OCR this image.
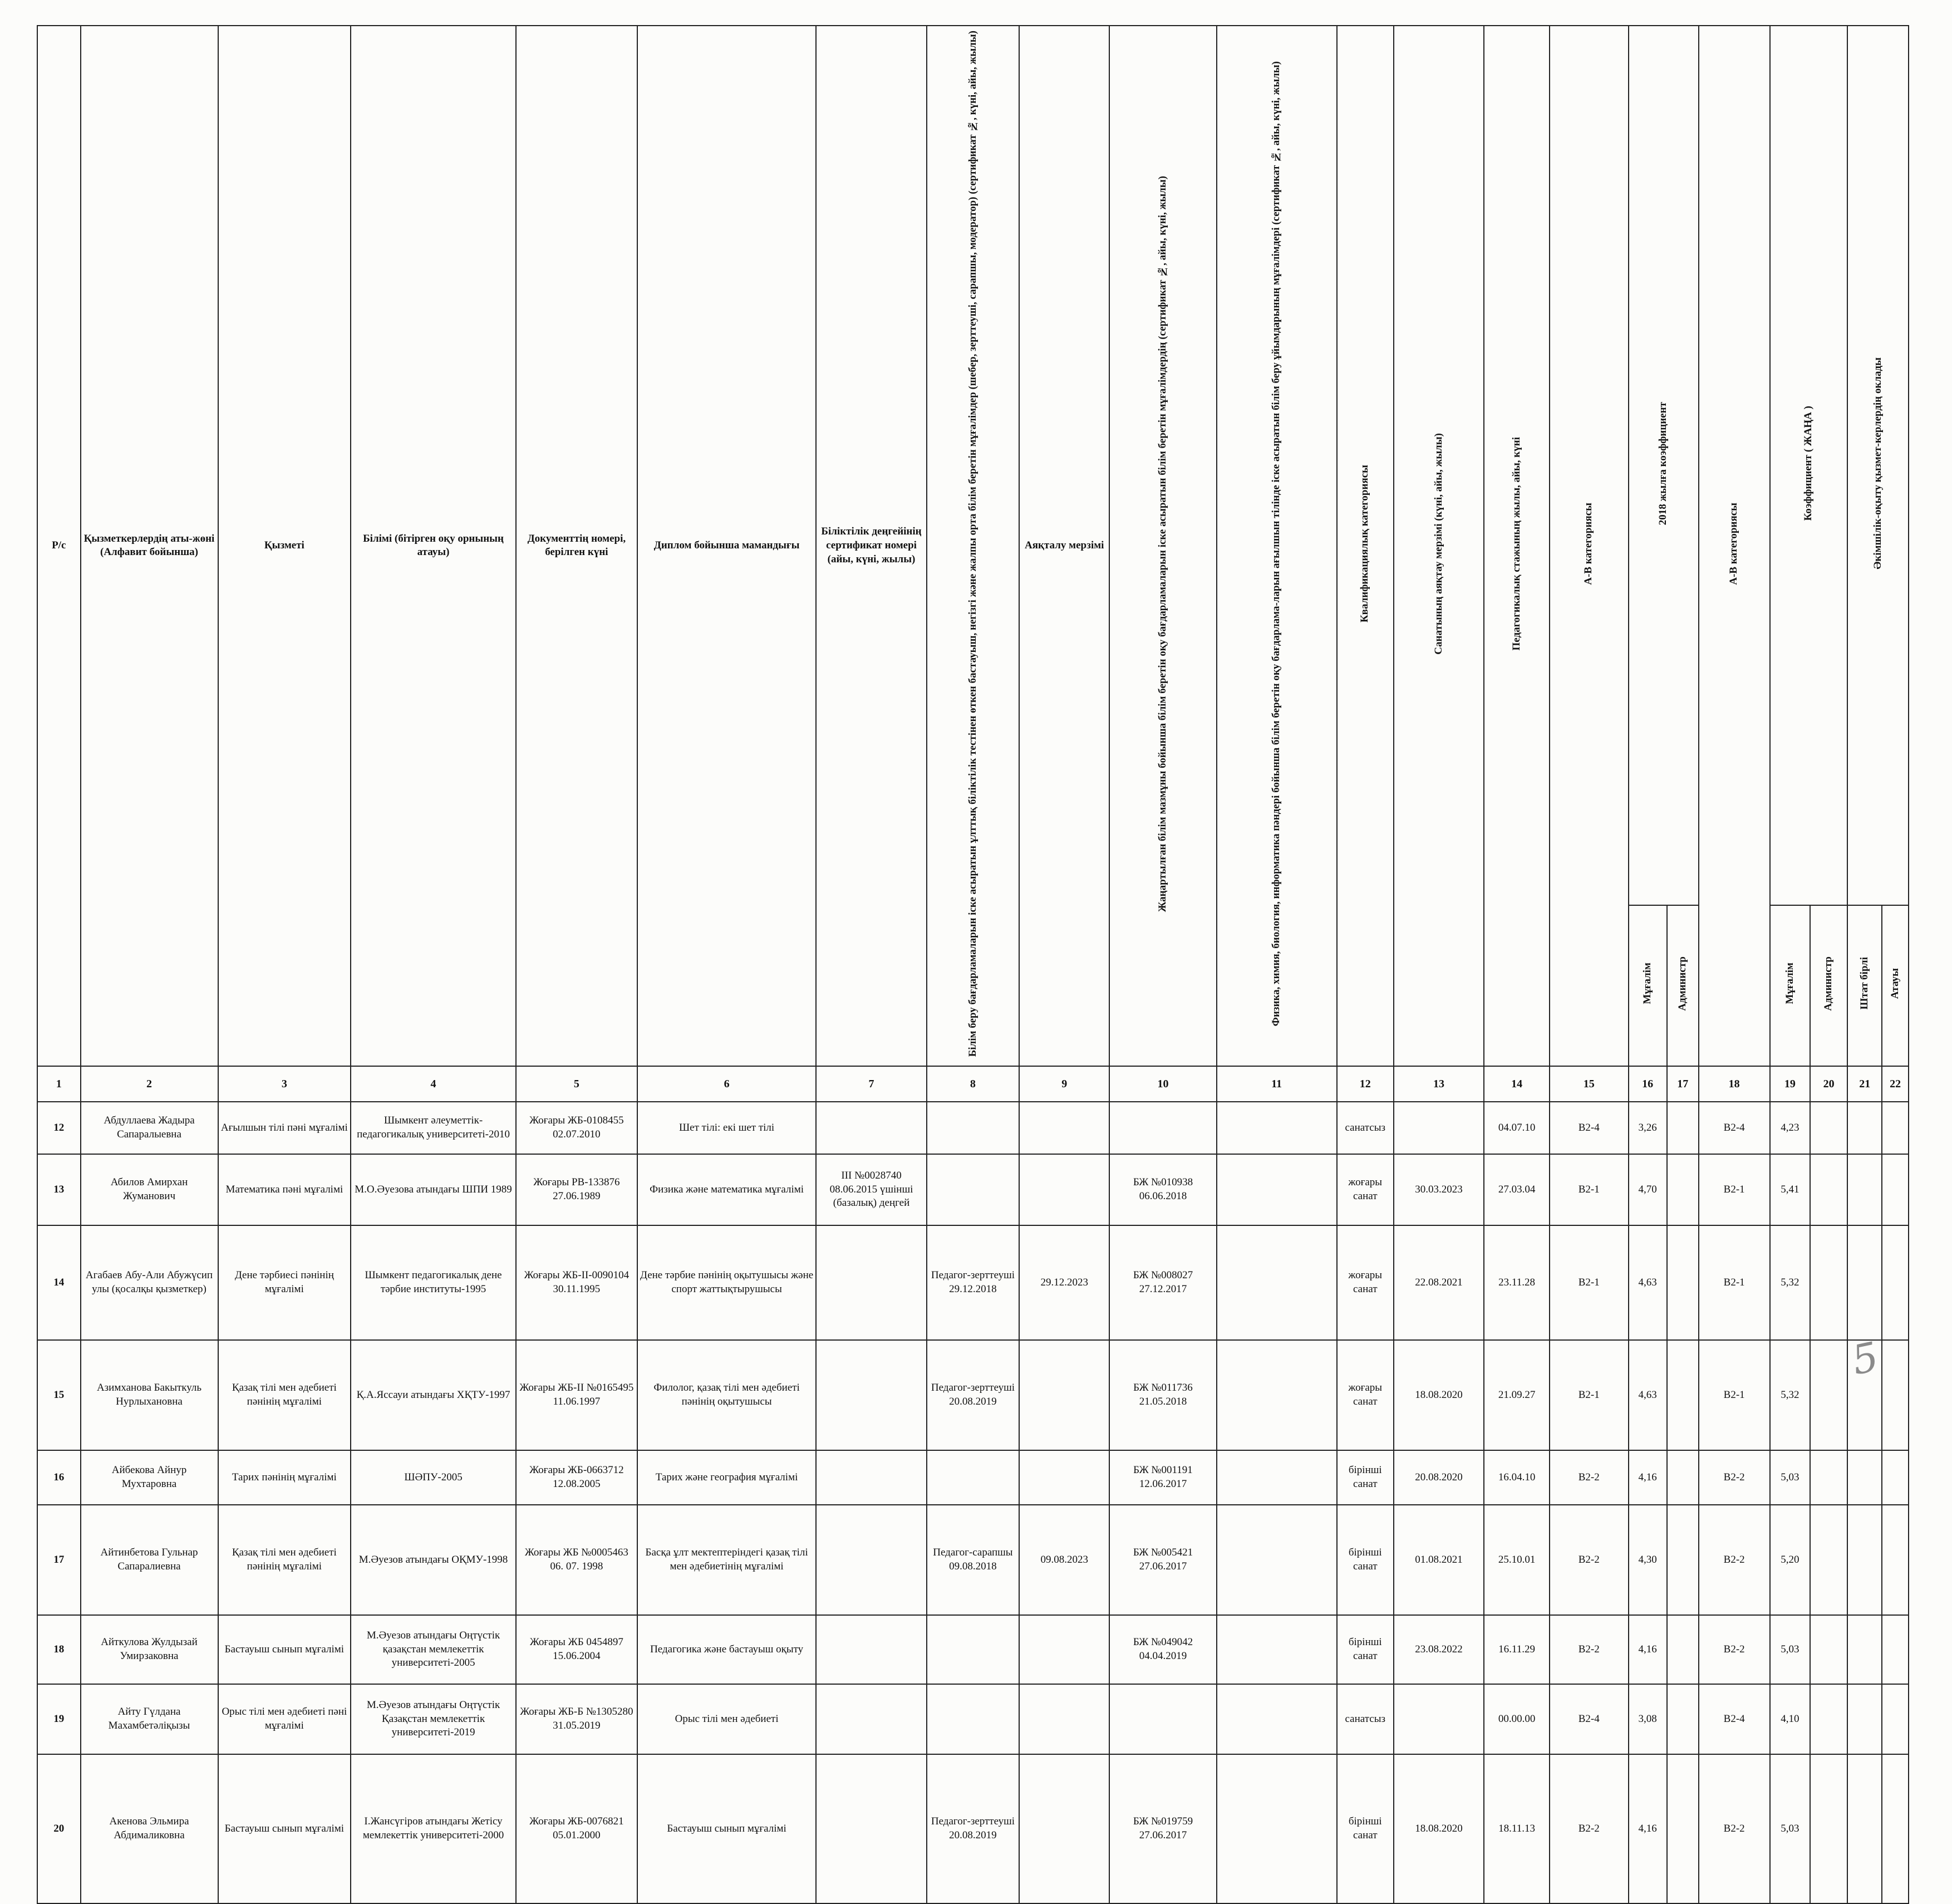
Р/с	Қызметкерлердің аты-жөні (Алфавит бойынша)	Қызметі	Білімі (бітірген оқу орнының атауы)	Документтің номері, берілген күні	Диплом бойынша мамандығы	Біліктілік деңгейінің сертификат номері (айы, күні, жылы)	Білім беру бағдарламаларын іске асыратын ұлттық біліктілік тестінен өткен бастауыш, негізгі және жалпы орта білім беретін мұғалімдер (шебер, зерттеуші, сарапшы, модератор) (сертификат №, күні, айы, жылы)	Аяқталу мерзімі	Жаңартылған білім мазмұны бойынша білім беретін оқу бағдарламаларын іске асыратын білім беретін мұғалімдердің (сертификат №, айы, күні, жылы)	Физика, химия, биология, информатика пәндері бойынша білім беретін оқу бағдарлама-ларын ағылшын тілінде іске асыратын білім беру ұйымдарының мұғалімдері (сертификат №, айы, күні, жылы)	Квалификациялық категориясы	Санатының аяқтау мерзімі (күні, айы, жылы)	Педагогикалық стажының жылы, айы, күні	А-В категориясы	2018 жылға коэффициент		А-В категориясы	Коэффициент ( ЖАҢА )		Әкімшілік-оқыту қызмет-керлердің оклады	
															Мұғалім	Администр		Мұғалім	Администр	Штат бірлі	Атауы
1	2	3	4	5	6	7	8	9	10	11	12	13	14	15	16	17	18	19	20	21	22
12	Абдуллаева Жадыра Сапаралыевна	Ағылшын тілі пәні мұғалімі	Шымкент әлеуметтік-педагогикалық университеті-2010	Жоғары ЖБ-0108455 02.07.2010	Шет тілі: екі шет тілі						санатсыз		04.07.10	В2-4	3,26		В2-4	4,23			
13	Абилов Амирхан Жуманович	Математика пәні мұғалімі	М.О.Әуезова атындағы ШПИ 1989	Жоғары РВ-133876 27.06.1989	Физика және математика мұғалімі	III №0028740 08.06.2015 үшінші (базалық) деңгей			БЖ №010938 06.06.2018		жоғары санат	30.03.2023	27.03.04	В2-1	4,70		В2-1	5,41			
14	Агабаев Абу-Али Абужүсип улы (қосалқы қызметкер)	Дене тәрбиесі пәнінің мұғалімі	Шымкент педагогикалық дене тәрбие институты-1995	Жоғары ЖБ-II-0090104 30.11.1995	Дене тәрбие пәнінің оқытушысы және спорт жаттықтырушысы		Педагог-зерттеуші 29.12.2018	29.12.2023	БЖ №008027 27.12.2017		жоғары санат	22.08.2021	23.11.28	В2-1	4,63		В2-1	5,32			
15	Азимханова Бакыткуль Нурлыхановна	Қазақ тілі мен әдебиеті пәнінің мұғалімі	Қ.А.Яссауи атындағы ХҚТУ-1997	Жоғары ЖБ-II №0165495 11.06.1997	Филолог, қазақ тілі мен әдебиеті пәнінің оқытушысы		Педагог-зерттеуші 20.08.2019		БЖ №011736 21.05.2018		жоғары санат	18.08.2020	21.09.27	В2-1	4,63		В2-1	5,32			
16	Айбекова Айнур Мухтаровна	Тарих пәнінің мұғалімі	ШӘПУ-2005	Жоғары ЖБ-0663712 12.08.2005	Тарих және география мұғалімі				БЖ №001191 12.06.2017		бірінші санат	20.08.2020	16.04.10	В2-2	4,16		В2-2	5,03			
17	Айтинбетова Гульнар Сапаралиевна	Қазақ тілі мен әдебиеті пәнінің мұғалімі	М.Әуезов атындағы ОҚМУ-1998	Жоғары ЖБ №0005463 06. 07. 1998	Басқа ұлт мектептеріндегі қазақ тілі мен әдебиетінің мұғалімі		Педагог-сарапшы 09.08.2018	09.08.2023	БЖ №005421 27.06.2017		бірінші санат	01.08.2021	25.10.01	В2-2	4,30		В2-2	5,20			
18	Айткулова Жулдызай Умирзаковна	Бастауыш сынып мұғалімі	М.Әуезов атындағы Оңтүстік қазақстан мемлекеттік университеті-2005	Жоғары ЖБ 0454897 15.06.2004	Педагогика және бастауыш оқыту				БЖ №049042 04.04.2019		бірінші санат	23.08.2022	16.11.29	В2-2	4,16		В2-2	5,03			
19	Айту Гүлдана Махамбетәліқызы	Орыс тілі мен әдебиеті пәні мұғалімі	М.Әуезов атындағы Оңтүстік Қазақстан мемлекеттік университеті-2019	Жоғары ЖБ-Б №1305280 31.05.2019	Орыс тілі мен әдебиеті						санатсыз		00.00.00	В2-4	3,08		В2-4	4,10			
20	Акенова Эльмира Абдималиковна	Бастауыш сынып мұғалімі	І.Жансүгіров атындағы Жетісу мемлекеттік университеті-2000	Жоғары ЖБ-0076821 05.01.2000	Бастауыш сынып мұғалімі		Педагог-зерттеуші 20.08.2019		БЖ №019759 27.06.2017		бірінші санат	18.08.2020	18.11.13	В2-2	4,16		В2-2	5,03			
5
